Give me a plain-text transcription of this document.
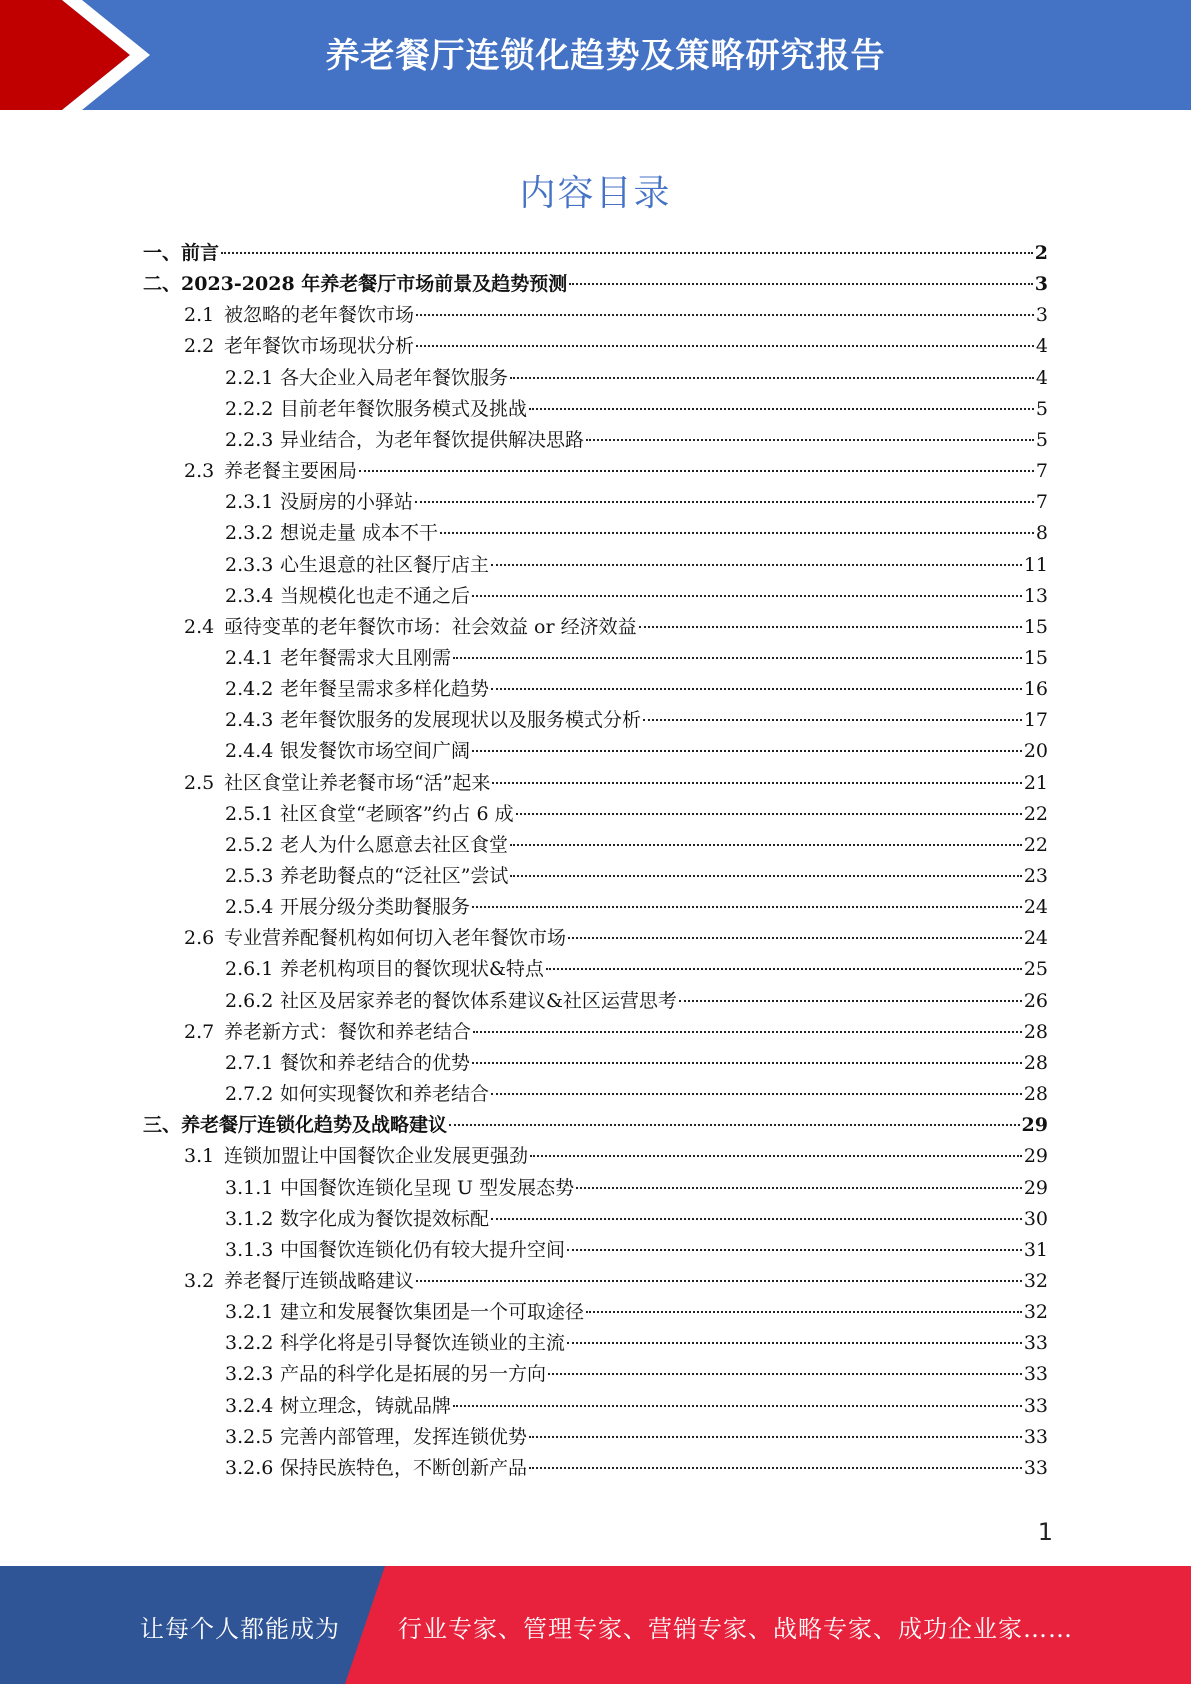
养老餐厅连锁化趋势及策略研究报告
内容目录
一、 前言	2
二、 2023-2028 年养老餐厅市场前景及趋势预测	3
2.1 被忽略的老年餐饮市场	3
2.2 老年餐饮市场现状分析	4
2.2.1 各大企业入局老年餐饮服务	4
2.2.2 目前老年餐饮服务模式及挑战	5
2.2.3 异业结合，为老年餐饮提供解决思路	5
2.3 养老餐主要困局	7
2.3.1 没厨房的小驿站	7
2.3.2 想说走量 成本不干	8
2.3.3 心生退意的社区餐厅店主	11
2.3.4 当规模化也走不通之后	13
2.4 亟待变革的老年餐饮市场：社会效益 or 经济效益	15
2.4.1 老年餐需求大且刚需	15
2.4.2 老年餐呈需求多样化趋势	16
2.4.3 老年餐饮服务的发展现状以及服务模式分析	17
2.4.4 银发餐饮市场空间广阔	20
2.5 社区食堂让养老餐市场“活”起来	21
2.5.1 社区食堂“老顾客”约占 6 成	22
2.5.2 老人为什么愿意去社区食堂	22
2.5.3 养老助餐点的“泛社区”尝试	23
2.5.4 开展分级分类助餐服务	24
2.6 专业营养配餐机构如何切入老年餐饮市场	24
2.6.1 养老机构项目的餐饮现状&特点	25
2.6.2 社区及居家养老的餐饮体系建议&社区运营思考	26
2.7 养老新方式：餐饮和养老结合	28
2.7.1 餐饮和养老结合的优势	28
2.7.2 如何实现餐饮和养老结合	28
三、 养老餐厅连锁化趋势及战略建议	29
3.1 连锁加盟让中国餐饮企业发展更强劲	29
3.1.1 中国餐饮连锁化呈现 U 型发展态势	29
3.1.2 数字化成为餐饮提效标配	30
3.1.3 中国餐饮连锁化仍有较大提升空间	31
3.2 养老餐厅连锁战略建议	32
3.2.1 建立和发展餐饮集团是一个可取途径	32
3.2.2 科学化将是引导餐饮连锁业的主流	33
3.2.3 产品的科学化是拓展的另一方向	33
3.2.4 树立理念，铸就品牌	33
3.2.5 完善内部管理，发挥连锁优势	33
3.2.6 保持民族特色，不断创新产品	33
1
让每个人都能成为 行业专家、管理专家、营销专家、战略专家、成功企业家……
